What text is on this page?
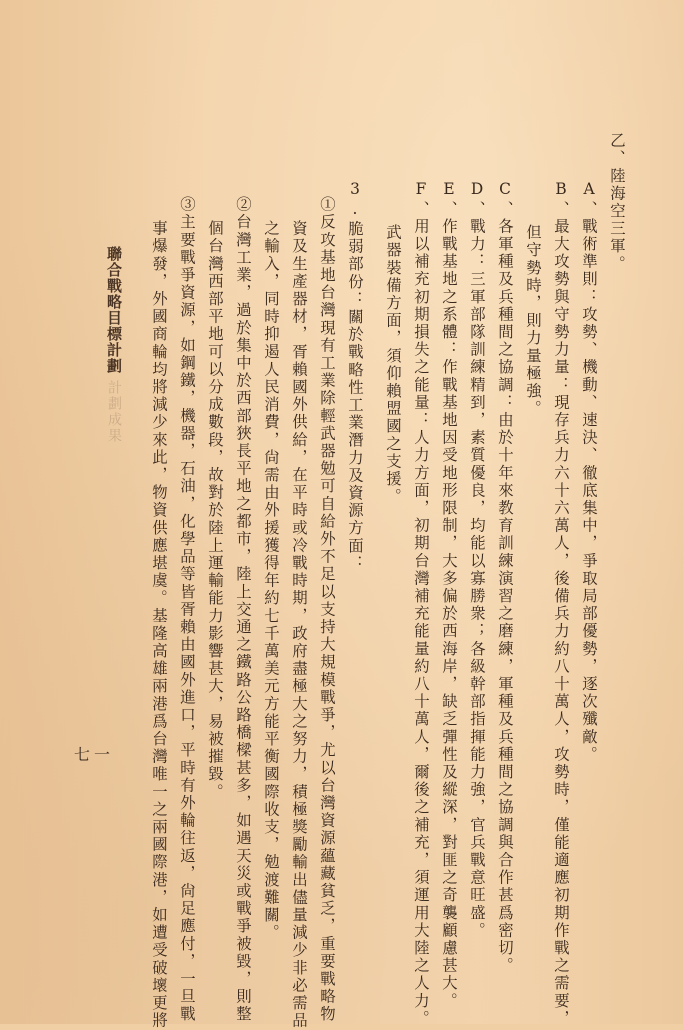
乙、陸海空三軍。
A、戰術準則：攻勢、機動、速決、徹底集中，爭取局部優勢，逐次殲敵。
B、最大攻勢與守勢力量：現存兵力六十六萬人，後備兵力約八十萬人，攻勢時，僅能適應初期作戰之需要，
但守勢時，則力量極強。
C、各軍種及兵種間之協調：由於十年來教育訓練演習之磨練，軍種及兵種間之協調與合作甚爲密切。
D、戰力：三軍部隊訓練精到，素質優良，均能以寡勝衆；各級幹部指揮能力強，官兵戰意旺盛。
E、作戰基地之系體：作戰基地因受地形限制，大多偏於西海岸，缺乏彈性及縱深，對匪之奇襲顧慮甚大。
F、用以補充初期損失之能量：人力方面，初期台灣補充能量約八十萬人，爾後之補充，須運用大陸之人力。
武器裝備方面，須仰賴盟國之支援。
3.脆弱部份：關於戰略性工業潛力及資源方面：
①反攻基地台灣現有工業除輕武器勉可自給外不足以支持大規模戰爭，尤以台灣資源蘊藏貧乏，重要戰略物
資及生產器材，胥賴國外供給，在平時或冷戰時期，政府盡極大之努力，積極獎勵輸出儘量減少非必需品
之輸入，同時抑遏人民消費，尙需由外援獲得年約七千萬美元方能平衡國際收支，勉渡難關。
②台灣工業，過於集中於西部狹長平地之都市，陸上交通之鐵路公路橋樑甚多，如遇天災或戰爭被毀，則整
個台灣西部平地可以分成數段，故對於陸上運輸能力影響甚大，易被摧毀。
③主要戰爭資源，如鋼鐵，機器，石油，化學品等皆胥賴由國外進口，平時有外輪往返，尙足應付，一旦戰
事爆發，外國商輪均將減少來此，物資供應堪虞。基隆高雄兩港爲台灣唯一之兩國際港，如遭受破壞更將
聯合戰略目標計劃
計劃成果
七一
